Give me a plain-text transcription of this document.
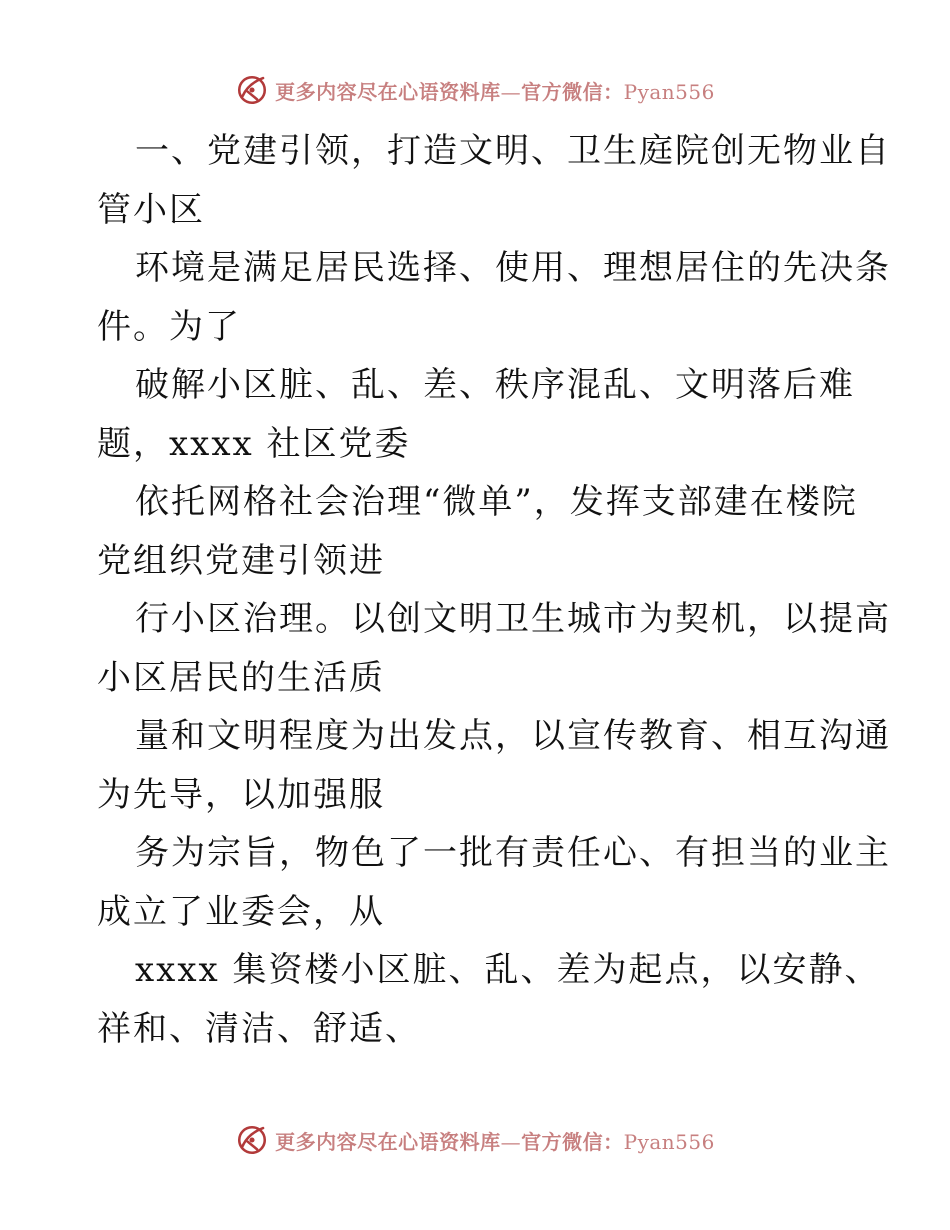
更多内容尽在心语资料库—官方微信：Pyan556
一、党建引领，打造文明、卫生庭院创无物业自
管小区
环境是满足居民选择、使用、理想居住的先决条
件。为了
破解小区脏、乱、差、秩序混乱、文明落后难
题，xxxx 社区党委
依托网格社会治理“微单”，发挥支部建在楼院
党组织党建引领进
行小区治理。以创文明卫生城市为契机，以提高
小区居民的生活质
量和文明程度为出发点，以宣传教育、相互沟通
为先导，以加强服
务为宗旨，物色了一批有责任心、有担当的业主
成立了业委会，从
xxxx 集资楼小区脏、乱、差为起点，以安静、
祥和、清洁、舒适、
更多内容尽在心语资料库—官方微信：Pyan556
